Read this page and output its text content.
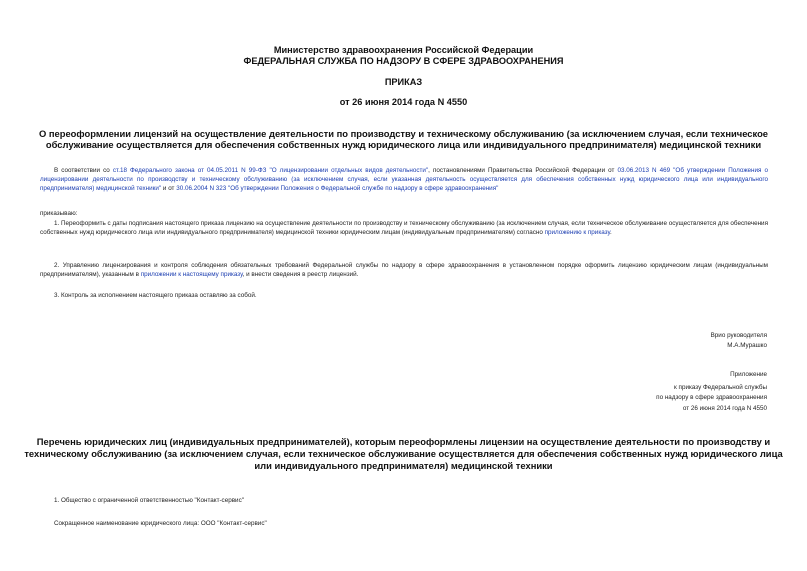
Министерство здравоохранения Российской Федерации
ФЕДЕРАЛЬНАЯ СЛУЖБА ПО НАДЗОРУ В СФЕРЕ ЗДРАВООХРАНЕНИЯ
ПРИКАЗ
от 26 июня 2014 года N 4550
О переоформлении лицензий на осуществление деятельности по производству и техническому обслуживанию (за исключением случая, если техническое
обслуживание осуществляется для обеспечения собственных нужд юридического лица или индивидуального предпринимателя) медицинской техники
В соответствии со ст.18 Федерального закона от 04.05.2011 N 99-ФЗ "О лицензировании отдельных видов деятельности", постановлениями Правительства Российской Федерации от 03.06.2013 N 469 "Об утверждении Положения о лицензировании деятельности по производству и техническому обслуживанию (за исключением случая, если указанная деятельность осуществляется для обеспечения собственных нужд юридического лица или индивидуального предпринимателя) медицинской техники" и от 30.06.2004 N 323 "Об утверждении Положения о Федеральной службе по надзору в сфере здравоохранения"
приказываю:
1. Переоформить с даты подписания настоящего приказа лицензию на осуществление деятельности по производству и техническому обслуживанию (за исключением случая, если техническое обслуживание осуществляется для обеспечения собственных нужд юридического лица или индивидуального предпринимателя) медицинской техники юридическим лицам (индивидуальным предпринимателям) согласно приложению к приказу.
2. Управлению лицензирования и контроля соблюдения обязательных требований Федеральной службы по надзору в сфере здравоохранения в установленном порядке оформить лицензию юридическим лицам (индивидуальным предпринимателям), указанным в приложении к настоящему приказу, и внести сведения в реестр лицензий.
3. Контроль за исполнением настоящего приказа оставляю за собой.
Врио руководителя
М.А.Мурашко
Приложение
к приказу Федеральной службы
по надзору в сфере здравоохранения
от 26 июня 2014 года N 4550
Перечень юридических лиц (индивидуальных предпринимателей), которым переоформлены лицензии на осуществление деятельности по производству и
техническому обслуживанию (за исключением случая, если техническое обслуживание осуществляется для обеспечения собственных нужд юридического лица
или индивидуального предпринимателя) медицинской техники
1. Общество с ограниченной ответственностью "Контакт-сервис"
Сокращенное наименование юридического лица: ООО "Контакт-сервис"
